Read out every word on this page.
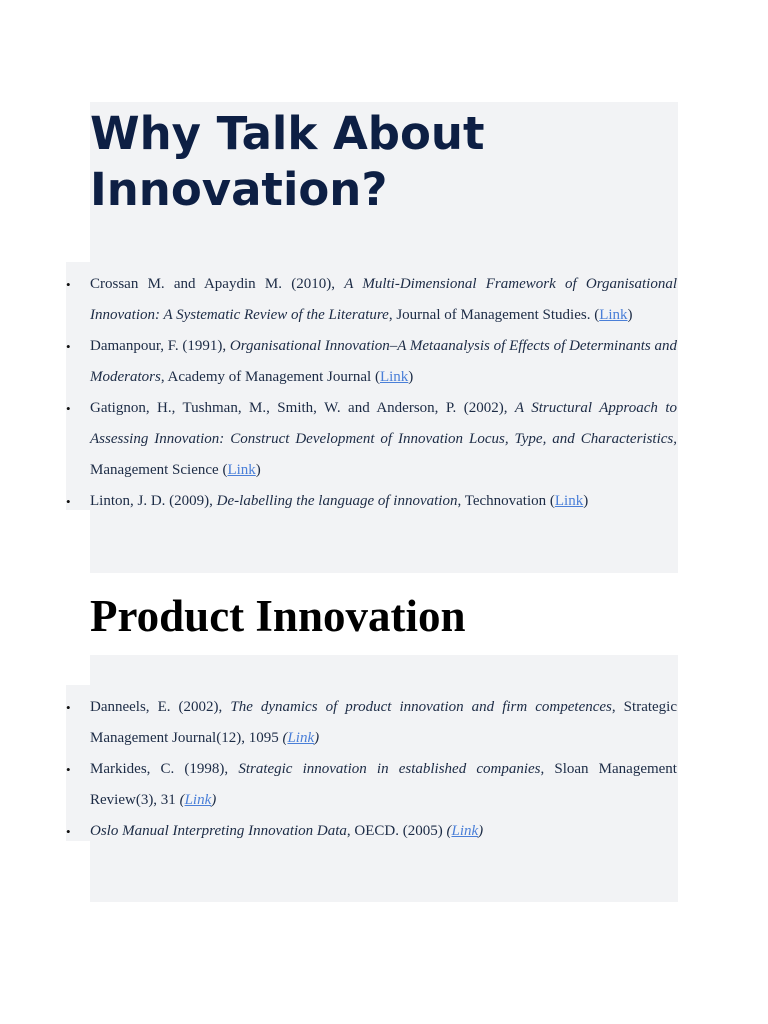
Why Talk About Innovation?
• Crossan M. and Apaydin M. (2010), A Multi-Dimensional Framework of Organisational Innovation: A Systematic Review of the Literature, Journal of Management Studies. (Link)
• Damanpour, F. (1991), Organisational Innovation–A Metaanalysis of Effects of Determinants and Moderators, Academy of Management Journal (Link)
• Gatignon, H., Tushman, M., Smith, W. and Anderson, P. (2002), A Structural Approach to Assessing Innovation: Construct Development of Innovation Locus, Type, and Characteristics, Management Science (Link)
• Linton, J. D. (2009), De-labelling the language of innovation, Technovation (Link)
Product Innovation
• Danneels, E. (2002), The dynamics of product innovation and firm competences, Strategic Management Journal(12), 1095 (Link)
• Markides, C. (1998), Strategic innovation in established companies, Sloan Management Review(3), 31 (Link)
• Oslo Manual Interpreting Innovation Data, OECD. (2005) (Link)
